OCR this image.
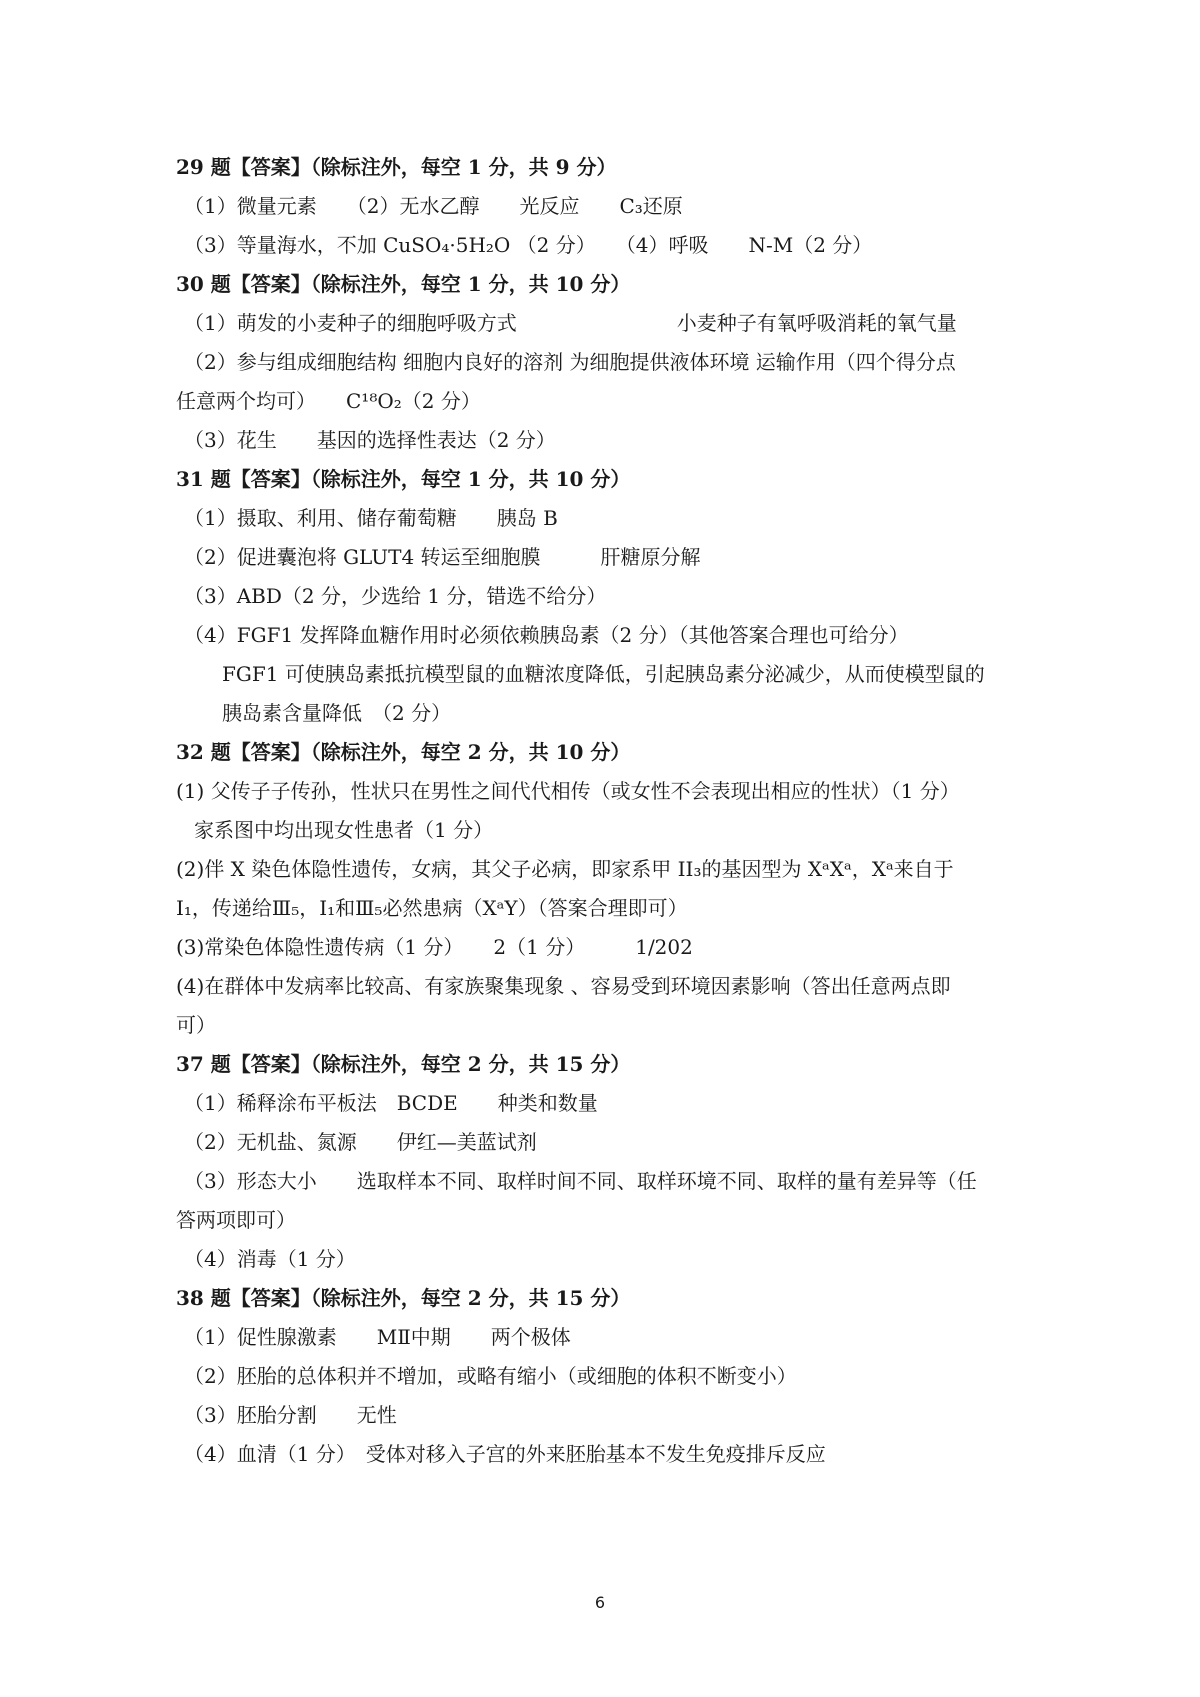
29 题【答案】（除标注外，每空 1 分，共 9 分）
（1）微量元素　　（2）无水乙醇　　光反应　　C₃还原
（3）等量海水，不加 CuSO₄·5H₂O （2 分）　　（4）呼吸　　N-M（2 分）
30 题【答案】（除标注外，每空 1 分，共 10 分）
（1）萌发的小麦种子的细胞呼吸方式　　　　　　　　小麦种子有氧呼吸消耗的氧气量
（2）参与组成细胞结构 细胞内良好的溶剂 为细胞提供液体环境 运输作用（四个得分点
任意两个均可）　　C¹⁸O₂（2 分）
（3）花生　　基因的选择性表达（2 分）
31 题【答案】（除标注外，每空 1 分，共 10 分）
（1）摄取、利用、储存葡萄糖　　胰岛 B
（2）促进囊泡将 GLUT4 转运至细胞膜　　　肝糖原分解
（3）ABD（2 分，少选给 1 分，错选不给分）
（4）FGF1 发挥降血糖作用时必须依赖胰岛素（2 分）（其他答案合理也可给分）
FGF1 可使胰岛素抵抗模型鼠的血糖浓度降低，引起胰岛素分泌减少，从而使模型鼠的
胰岛素含量降低　（2 分）
32 题【答案】（除标注外，每空 2 分，共 10 分）
(1) 父传子子传孙，性状只在男性之间代代相传（或女性不会表现出相应的性状）（1 分）
家系图中均出现女性患者（1 分）
(2)伴 X 染色体隐性遗传，女病，其父子必病，即家系甲 II₃的基因型为 XᵃXᵃ，Xᵃ来自于
Ⅰ₁，传递给Ⅲ₅，Ⅰ₁和Ⅲ₅必然患病（XᵃY）（答案合理即可）
(3)常染色体隐性遗传病（1 分）　　2（1 分）　　　1/202
(4)在群体中发病率比较高、有家族聚集现象 、容易受到环境因素影响（答出任意两点即
可）
37 题【答案】（除标注外，每空 2 分，共 15 分）
（1）稀释涂布平板法　BCDE　　种类和数量
（2）无机盐、氮源　　伊红—美蓝试剂
（3）形态大小　　选取样本不同、取样时间不同、取样环境不同、取样的量有差异等（任
答两项即可）
（4）消毒（1 分）
38 题【答案】（除标注外，每空 2 分，共 15 分）
（1）促性腺激素　　MⅡ中期　　两个极体
（2）胚胎的总体积并不增加，或略有缩小（或细胞的体积不断变小）
（3）胚胎分割　　无性
（4）血清（1 分）　受体对移入子宫的外来胚胎基本不发生免疫排斥反应
6
